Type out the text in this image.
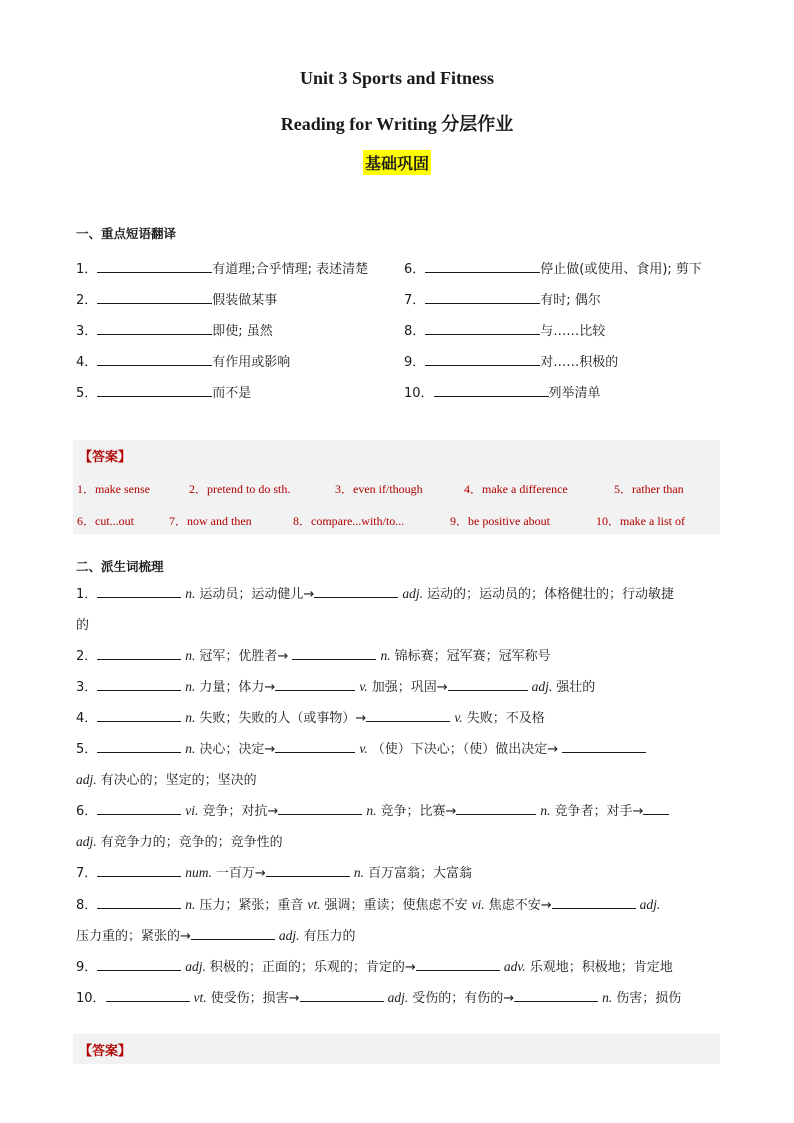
Unit 3 Sports and Fitness
Reading for Writing 分层作业
基础巩固
一、重点短语翻译
1．	有道理;合乎情理; 表述清楚
2．	假装做某事
3．	即使; 虽然
4．	有作用或影响
5．	而不是
6．	停止做(或使用、食用); 剪下
7．	有时; 偶尔
8．	与……比较
9．	对……积极的
10．	列举清单
【答案】
1．make sense	2．pretend to do sth.	3．even if/though	4．make a difference	5．rather than
6．cut...out	7．now and then	8．compare...with/to...	9．be positive about	10．make a list of
二、派生词梳理
1．	n. 运动员；运动健儿→	adj. 运动的；运动员的；体格健壮的；行动敏捷
的
2．	n. 冠军；优胜者→	n. 锦标赛；冠军赛；冠军称号
3．	n. 力量；体力→	v. 加强；巩固→	adj. 强壮的
4．	n. 失败；失败的人（或事物）→	v. 失败；不及格
5．	n. 决心；决定→	v. （使）下决心；（使）做出决定→
adj. 有决心的；坚定的；坚决的
6．	vi. 竞争；对抗→	n. 竞争；比赛→	n. 竞争者；对手→
adj. 有竞争力的；竞争的；竞争性的
7．	num. 一百万→	n. 百万富翁；大富翁
8．	n. 压力；紧张；重音 vt. 强调；重读；使焦虑不安 vi. 焦虑不安→	adj.
压力重的；紧张的→	adj. 有压力的
9．	adj. 积极的；正面的；乐观的；肯定的→	adv. 乐观地；积极地；肯定地
10．	vt. 使受伤；损害→	adj. 受伤的；有伤的→	n. 伤害；损伤
【答案】
